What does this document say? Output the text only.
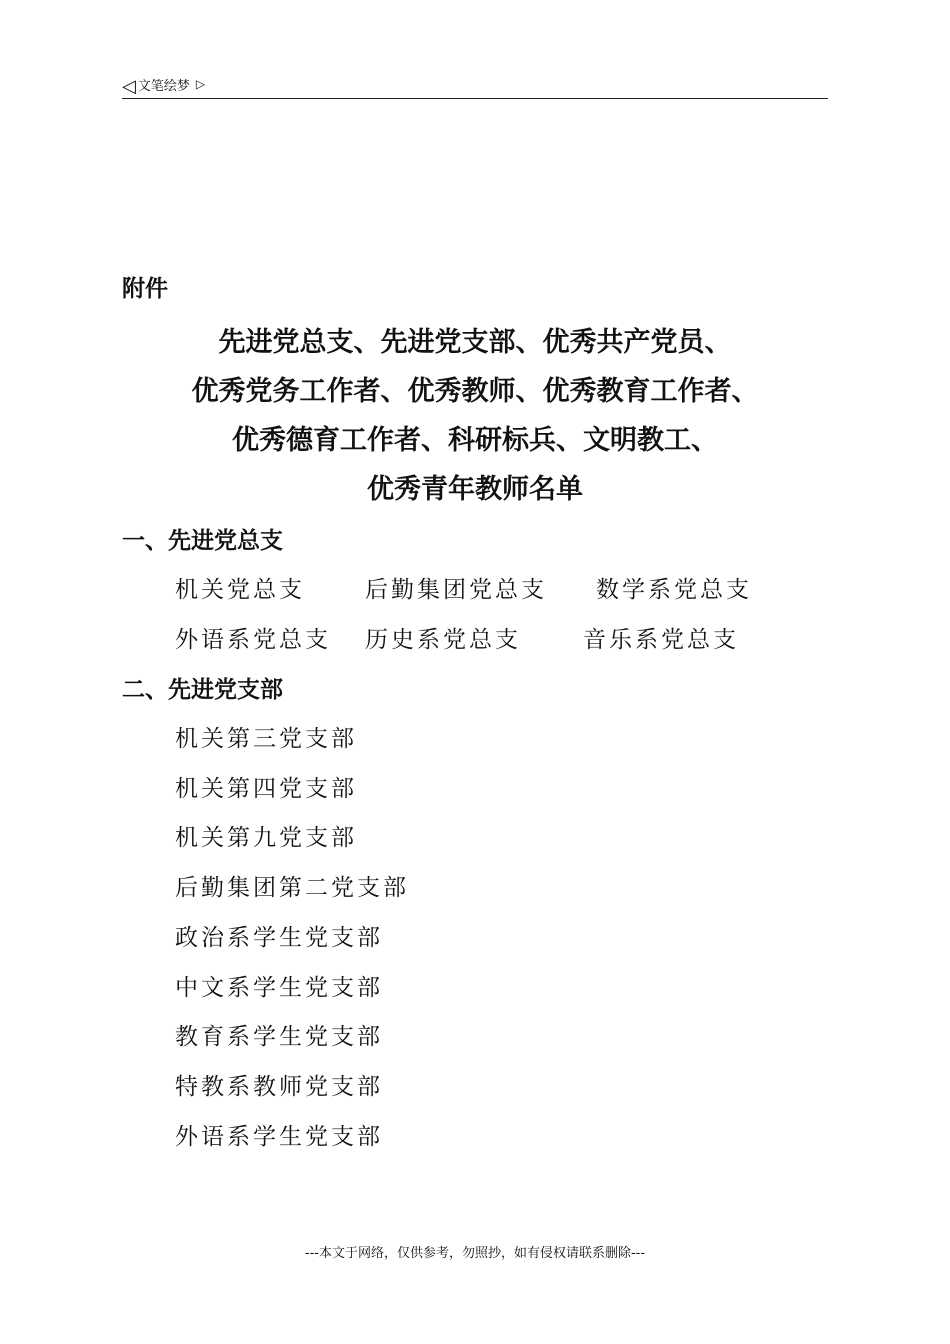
◁ 文笔绘梦 ▷
附件
先进党总支、先进党支部、优秀共产党员、
优秀党务工作者、优秀教师、优秀教育工作者、
优秀德育工作者、科研标兵、文明教工、
优秀青年教师名单
一、先进党总支
机关党总支	后勤集团党总支 数学系党总支
外语系党总支 历史系党总支	音乐系党总支
二、先进党支部
机关第三党支部
机关第四党支部
机关第九党支部
后勤集团第二党支部
政治系学生党支部
中文系学生党支部
教育系学生党支部
特教系教师党支部
外语系学生党支部
---本文于网络，仅供参考，勿照抄，如有侵权请联系删除---
